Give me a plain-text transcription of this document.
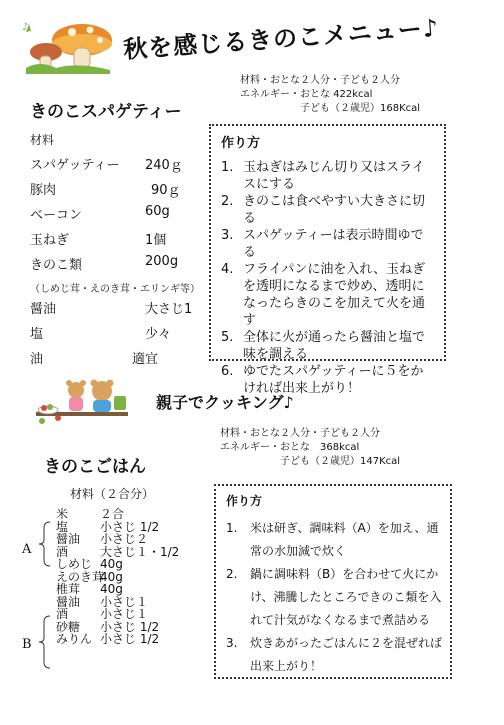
♪	秋を感じるきのこメニュー♪
きのこスパゲティー
材料・おとな２人分・子ども２人分
エネルギー・おとな 422kcal
子ども（２歳児）168Kcal
材料
スパゲッティー 240ｇ
豚肉	90ｇ
ベーコン	60g
玉ねぎ	1個
きのこ類	200g
（しめじ茸・えのき茸・エリンギ等）
醤油	大さじ1
塩	少々
油	適宜
作り方
1. 玉ねぎはみじん切り又はスライスにする
2. きのこは食べやすい大きさに切る
3. スパゲッティーは表示時間ゆでる
4. フライパンに油を入れ、玉ねぎを透明になるまで炒め、透明になったらきのこを加えて火を通す
5. 全体に火が通ったら醤油と塩で味を調える
6. ゆでたスパゲッティーに５をかければ出来上がり！
親子でクッキング♪
きのこごはん
材料・おとな２人分・子ども２人分
エネルギー・おとな　368kcal
子ども（２歳児）147Kcal
材料（２合分）
米	２合
塩	小さじ 1/2
醤油 小さじ２
酒	大さじ１・1/2
しめじ 40g
えのき茸40g
椎茸 40g
醤油 小さじ１
酒	小さじ１
砂糖 小さじ 1/2
みりん 小さじ 1/2
A
B
作り方
1.	米は研ぎ、調味料（A）を加え、通常の水加減で炊く
2.	鍋に調味料（B）を合わせて火にかけ、沸騰したところできのこ類を入れて汁気がなくなるまで煮詰める
3.	炊きあがったごはんに２を混ぜれば出来上がり！
